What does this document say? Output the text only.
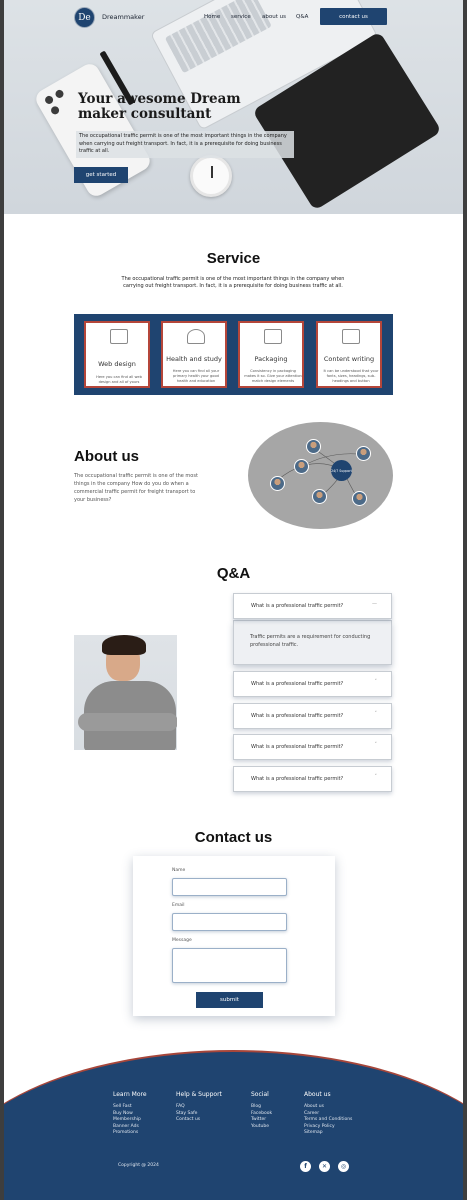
De	Dreammaker	Home service about us Q&A	contact us
Your awesome Dream maker consultant
The occupational traffic permit is one of the most important things in the company when carrying out freight transport. In fact, it is a prerequisite for doing business traffic at all.
get started
Service
The occupational traffic permit is one of the most important things in the company when carrying out freight transport. In fact, it is a prerequisite for doing business traffic at all.
Web design
Here you can find all web design and all of yours
Health and study
Here you can find all your primary health your good health and education
Packaging
Consistency in packaging makes it so. Give your attention match design elements
Content writing
It can be understood that your fonts, sizes, headings, sub-headings and button
About us
The occupational traffic permit is one of the most things in the company How do you do when a commercial traffic permit for freight transport to your business?
24/7 Support
Q&A
Traffic permits are a requirement for conducting professional traffic.
What is a professional traffic permit?	—
What is a professional traffic permit?	˅
What is a professional traffic permit?	˅
What is a professional traffic permit?	˅
What is a professional traffic permit?	˅
Contact us
Name
Email
Message
submit
Learn More
Sell Fast
Buy Now
Membership
Banner Ads
Promotions
Help & Support
FAQ
Stay Safe
Contact us
Social
Blog
Facebook
Twitter
Youtube
About us
About us
Career
Terms and Conditions
Privacy Policy
Sitemap
Copyright @ 2024	f	✕	◎
